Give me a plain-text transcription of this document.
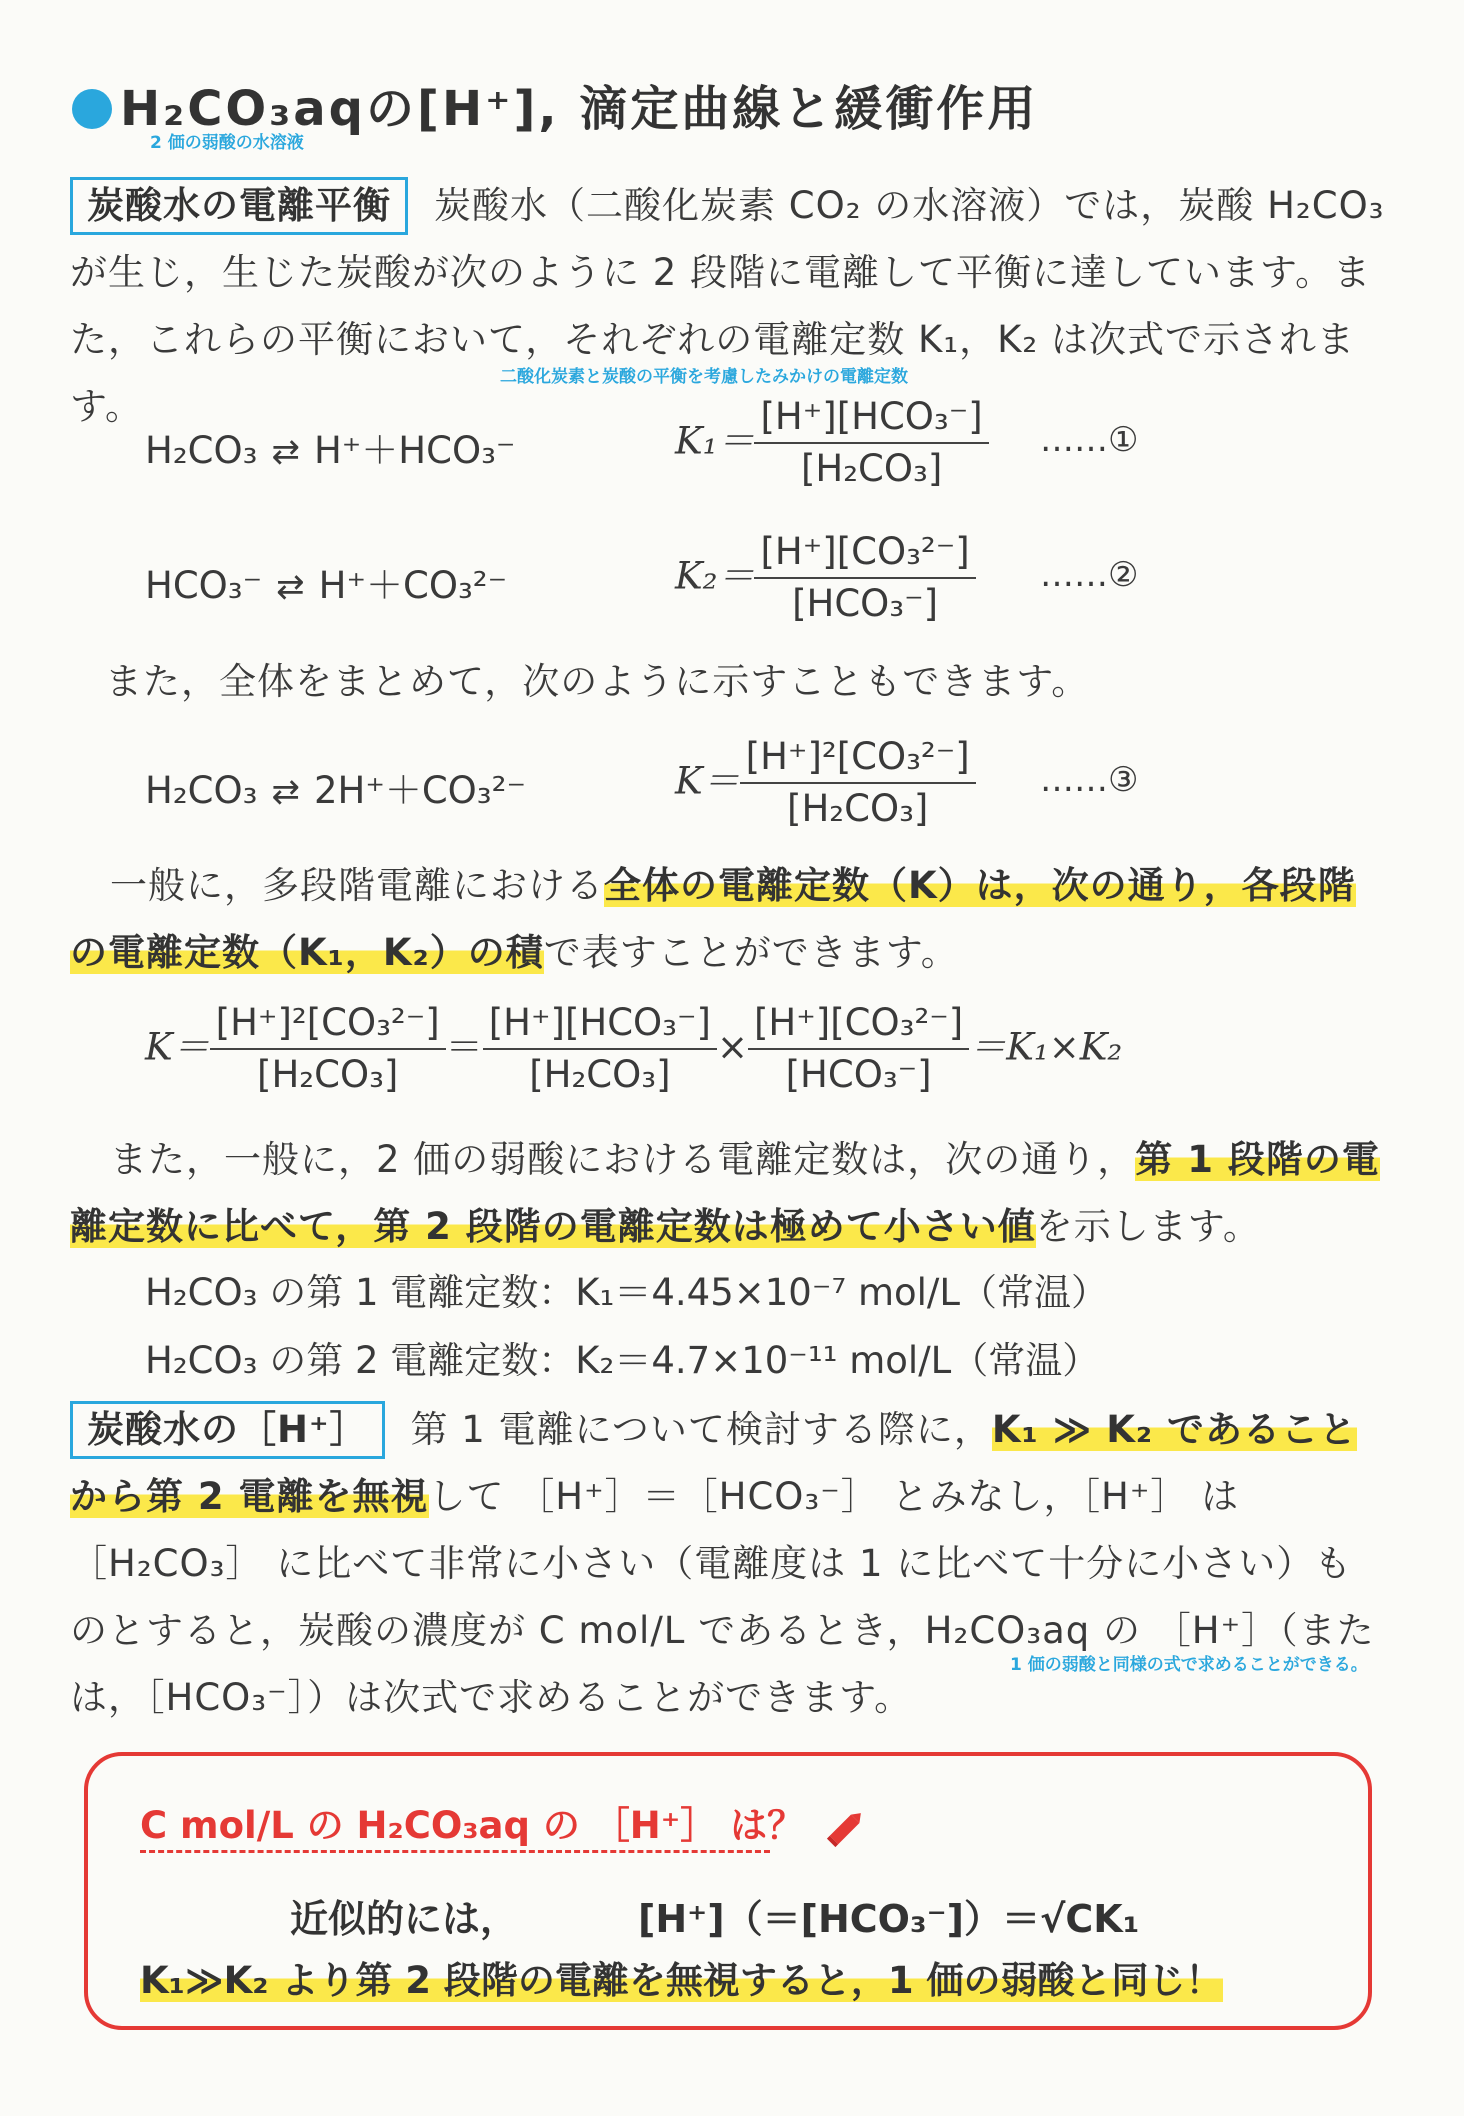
H₂CO₃aqの[H⁺], 滴定曲線と緩衝作用
2 価の弱酸の水溶液
炭酸水の電離平衡 炭酸水（二酸化炭素 CO₂ の水溶液）では，炭酸 H₂CO₃ が生じ，生じた炭酸が次のように 2 段階に電離して平衡に達しています。また，これらの平衡において，それぞれの電離定数 K₁，K₂ は次式で示されます。
二酸化炭素と炭酸の平衡を考慮したみかけの電離定数
H₂CO₃ ⇄ H⁺＋HCO₃⁻	$K_1= \frac{\text{[H⁺][HCO₃⁻]}}{\text{[H₂CO₃]}}$ ……①
HCO₃⁻ ⇄ H⁺＋CO₃²⁻	$K_2= \frac{\text{[H⁺][CO₃²⁻]}}{\text{[HCO₃⁻]}}$ ……②
また，全体をまとめて，次のように示すこともできます。
H₂CO₃ ⇄ 2H⁺＋CO₃²⁻	$K= \frac{\text{[H⁺]²[CO₃²⁻]}}{\text{[H₂CO₃]}}$ ……③
一般に，多段階電離における全体の電離定数（K）は，次の通り，各段階の電離定数（K₁，K₂）の積で表すことができます。
$K= \frac{\text{[H⁺]²[CO₃²⁻]}}{\text{[H₂CO₃]}} = \frac{\text{[H⁺][HCO₃⁻]}}{\text{[H₂CO₃]}} \times \frac{\text{[H⁺][CO₃²⁻]}}{\text{[HCO₃⁻]}} =K_1\times K_2$
また，一般に，2 価の弱酸における電離定数は，次の通り，第 1 段階の電離定数に比べて，第 2 段階の電離定数は極めて小さい値を示します。
H₂CO₃ の第 1 電離定数：K₁＝4.45×10⁻⁷ mol/L（常温）
H₂CO₃ の第 2 電離定数：K₂＝4.7×10⁻¹¹ mol/L（常温）
炭酸水の［H⁺］ 第 1 電離について検討する際に，K₁ ≫ K₂ であることから第 2 電離を無視して ［H⁺］＝［HCO₃⁻］ とみなし，［H⁺］ は ［H₂CO₃］ に比べて非常に小さい（電離度は 1 に比べて十分に小さい）ものとすると，炭酸の濃度が C mol/L であるとき，H₂CO₃aq の ［H⁺］（または，［HCO₃⁻］）は次式で求めることができます。
1 価の弱酸と同様の式で求めることができる。
C mol/L の H₂CO₃aq の ［H⁺］ は？
近似的には，	[H⁺]（＝[HCO₃⁻]）＝√CK₁
K₁≫K₂ より第 2 段階の電離を無視すると，1 価の弱酸と同じ！
